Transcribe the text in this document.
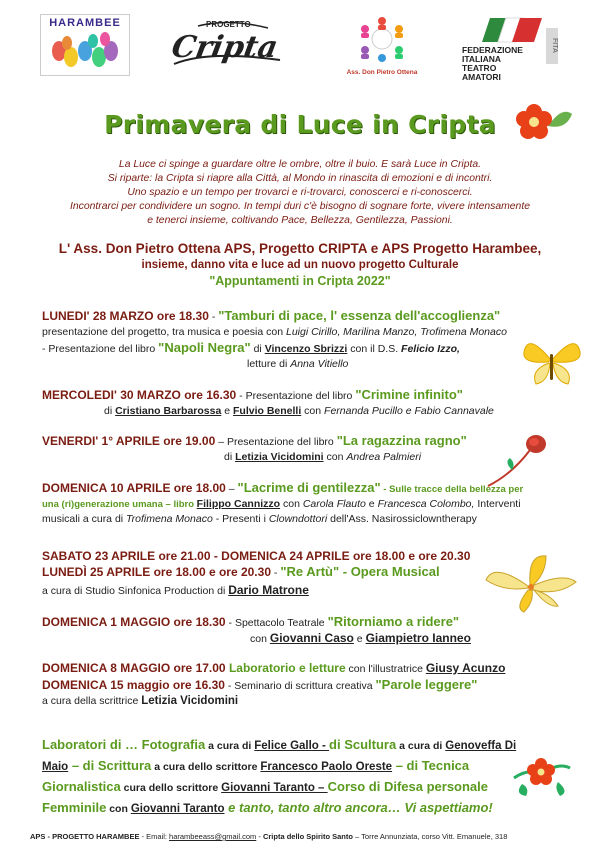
HARAMBEE	PROGETTO
Cripta
Ass. Don Pietro Ottena
FEDERAZIONE
ITALIANA
TEATRO
AMATORI
FITA
Primavera di Luce in Cripta
La Luce ci spinge a guardare oltre le ombre, oltre il buio. E sarà Luce in Cripta.
Si riparte: la Cripta si riapre alla Città, al Mondo in rinascita di emozioni e di incontri.
Uno spazio e un tempo per trovarci e ri-trovarci, conoscerci e ri-conoscerci.
Incontrarci per condividere un sogno. In tempi duri c'è bisogno di sognare forte, vivere intensamente
e tenerci insieme, coltivando Pace, Bellezza, Gentilezza, Passioni.
L' Ass. Don Pietro Ottena APS, Progetto CRIPTA e APS Progetto Harambee,
insieme, danno vita e luce ad un nuovo progetto Culturale
"Appuntamenti in Cripta 2022"
LUNEDI' 28 MARZO ore 18.30 - "Tamburi di pace, l' essenza dell'accoglienza"
presentazione del progetto, tra musica e poesia con Luigi Cirillo, Marilina Manzo, Trofimena Monaco
- Presentazione del libro "Napoli Negra" di Vincenzo Sbrizzi con il D.S. Felicio Izzo,
letture di Anna Vitiello
MERCOLEDI' 30 MARZO ore 16.30 - Presentazione del libro "Crimine infinito"
di Cristiano Barbarossa e Fulvio Benelli con Fernanda Pucillo e Fabio Cannavale
VENERDI' 1° APRILE ore 19.00 – Presentazione del libro "La ragazzina ragno"
di Letizia Vicidomini con Andrea Palmieri
DOMENICA 10 APRILE ore 18.00 – "Lacrime di gentilezza" - Sulle tracce della bellezza per
una (ri)generazione umana – libro Filippo Cannizzo con Carola Flauto e Francesca Colombo, Interventi
musicali a cura di Trofimena Monaco - Presenti i Clowndottori dell'Ass. Nasirossiclowntherapy
SABATO 23 APRILE ore 21.00 - DOMENICA 24 APRILE ore 18.00 e ore 20.30
LUNEDÌ 25 APRILE ore 18.00 e ore 20.30 - "Re Artù" - Opera Musical
a cura di Studio Sinfonica Production di Dario Matrone
DOMENICA 1 MAGGIO ore 18.30 - Spettacolo Teatrale "Ritorniamo a ridere"
con Giovanni Caso e Giampietro Ianneo
DOMENICA 8 MAGGIO ore 17.00 Laboratorio e letture con l'illustratrice Giusy Acunzo
DOMENICA 15 maggio ore 16.30 - Seminario di scrittura creativa "Parole leggere"
a cura della scrittrice Letizia Vicidomini
Laboratori di … Fotografia a cura di Felice Gallo - di Scultura a cura di Genoveffa Di
Maio – di Scrittura a cura dello scrittore Francesco Paolo Oreste – di Tecnica
Giornalistica cura dello scrittore Giovanni Taranto – Corso di Difesa personale
Femminile con Giovanni Taranto e tanto, tanto altro ancora… Vi aspettiamo!
APS - PROGETTO HARAMBEE - Email: harambeeass@gmail.com - Cripta dello Spirito Santo – Torre Annunziata, corso Vitt. Emanuele, 318
